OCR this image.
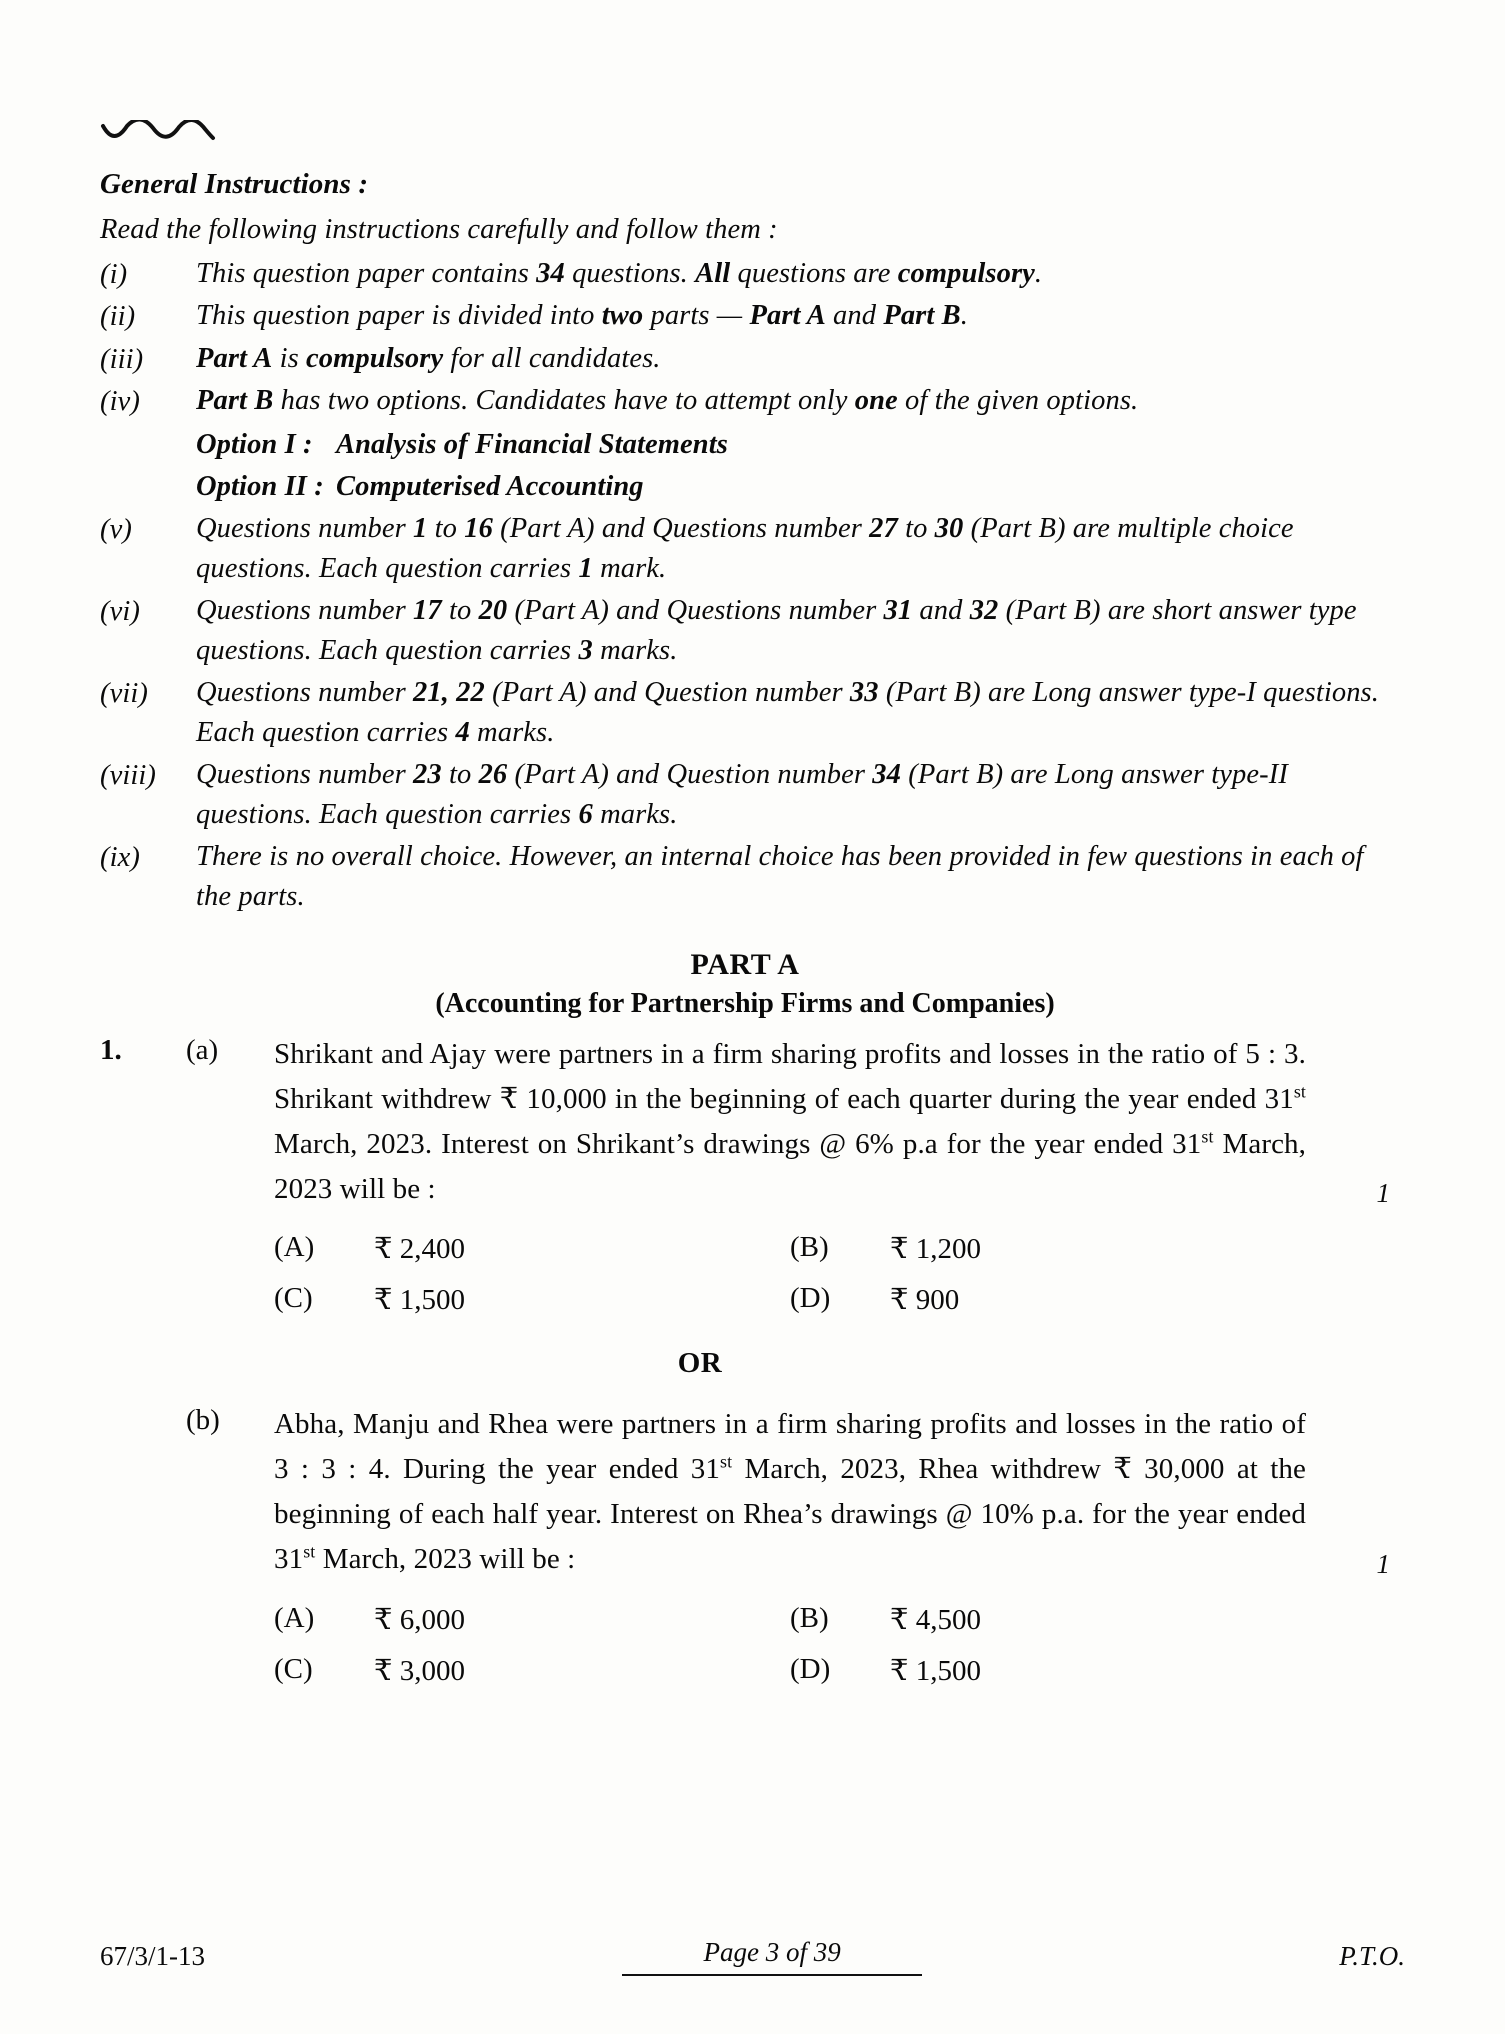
General Instructions :
Read the following instructions carefully and follow them :
(i)	This question paper contains 34 questions. All questions are compulsory.
(ii)	This question paper is divided into two parts — Part A and Part B.
(iii)	Part A is compulsory for all candidates.
(iv)	Part B has two options. Candidates have to attempt only one of the given options.
Option I : Analysis of Financial Statements
Option II : Computerised Accounting
(v)	Questions number 1 to 16 (Part A) and Questions number 27 to 30 (Part B) are multiple choice questions. Each question carries 1 mark.
(vi)	Questions number 17 to 20 (Part A) and Questions number 31 and 32 (Part B) are short answer type questions. Each question carries 3 marks.
(vii)	Questions number 21, 22 (Part A) and Question number 33 (Part B) are Long answer type-I questions. Each question carries 4 marks.
(viii)	Questions number 23 to 26 (Part A) and Question number 34 (Part B) are Long answer type-II questions. Each question carries 6 marks.
(ix)	There is no overall choice. However, an internal choice has been provided in few questions in each of the parts.
PART A
(Accounting for Partnership Firms and Companies)
1.	(a)	Shrikant and Ajay were partners in a firm sharing profits and losses in the ratio of 5 : 3. Shrikant withdrew ₹ 10,000 in the beginning of each quarter during the year ended 31st March, 2023. Interest on Shrikant’s drawings @ 6% p.a for the year ended 31st March, 2023 will be :	1
(A)	₹ 2,400	(B)	₹ 1,200
(C)	₹ 1,500	(D)	₹ 900
OR
(b)	Abha, Manju and Rhea were partners in a firm sharing profits and losses in the ratio of 3 : 3 : 4. During the year ended 31st March, 2023, Rhea withdrew ₹ 30,000 at the beginning of each half year. Interest on Rhea’s drawings @ 10% p.a. for the year ended 31st March, 2023 will be :	1
(A)	₹ 6,000	(B)	₹ 4,500
(C)	₹ 3,000	(D)	₹ 1,500
67/3/1-13	Page 3 of 39	P.T.O.
